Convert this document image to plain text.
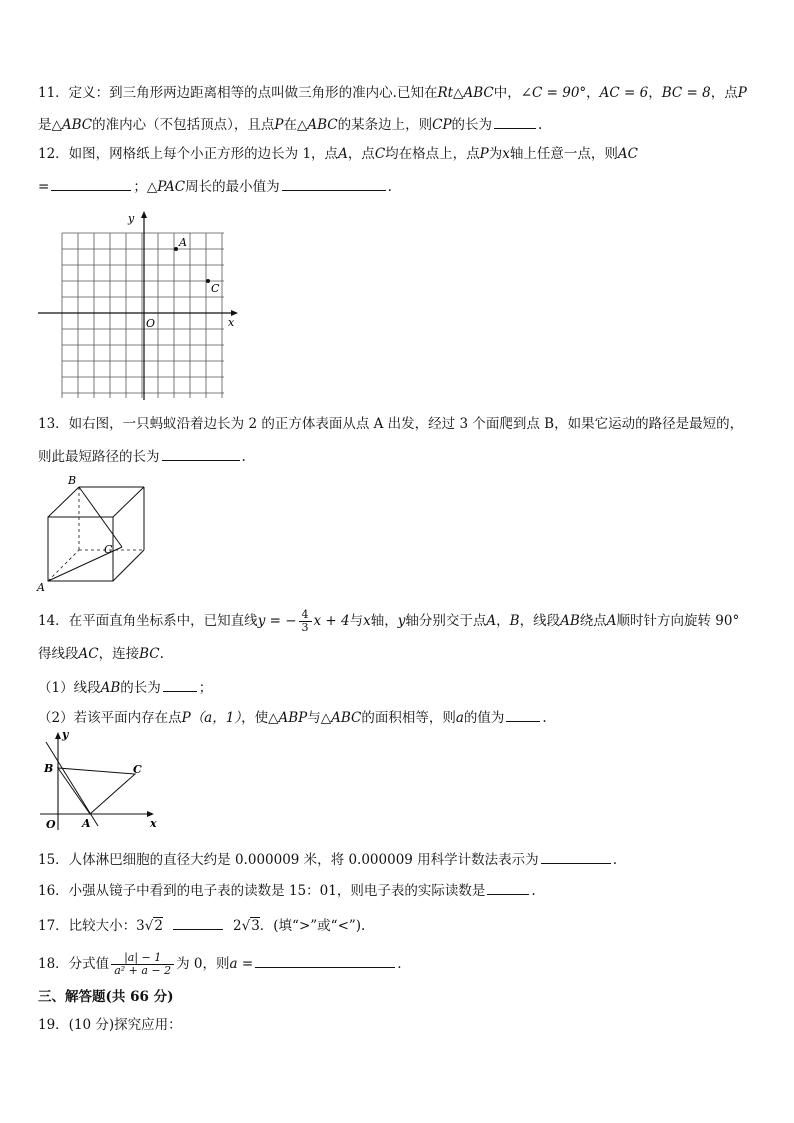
11．定义：到三角形两边距离相等的点叫做三角形的准内心.已知在Rt△ABC中，∠C = 90°，AC = 6，BC = 8，点P
是△ABC的准内心（不包括顶点），且点P在△ABC的某条边上，则CP的长为	.
12．如图，网格纸上每个小正方形的边长为 1，点A，点C均在格点上，点P为x轴上任意一点，则AC
=	；△PAC周长的最小值为	.
y
x
O
A
C
13．如右图，一只蚂蚁沿着边长为 2 的正方体表面从点 A 出发，经过 3 个面爬到点 B，如果它运动的路径是最短的，
则此最短路径的长为	.
B
C
A
14．在平面直角坐标系中，已知直线y = − $\frac{4}{3}$ x + 4与x轴，y轴分别交于点A，B，线段AB绕点A顺时针方向旋转 90°
得线段AC，连接BC.
（1）线段AB的长为	；
（2）若该平面内存在点P（a，1），使△ABP与△ABC的面积相等，则a的值为	.
y
x
O A
B	C
15．人体淋巴细胞的直径大约是 0.000009 米，将 0.000009 用科学计数法表示为	.
16．小强从镜子中看到的电子表的读数是 15：01，则电子表的实际读数是	.
17．比较大小：3√2	2√3．(填“>”或“<”).
18．分式值 $\frac{|a| - 1}{\text{a² + a − 2}}$ 为 0，则a =	.
三、解答题(共 66 分)
19．(10 分)探究应用：
